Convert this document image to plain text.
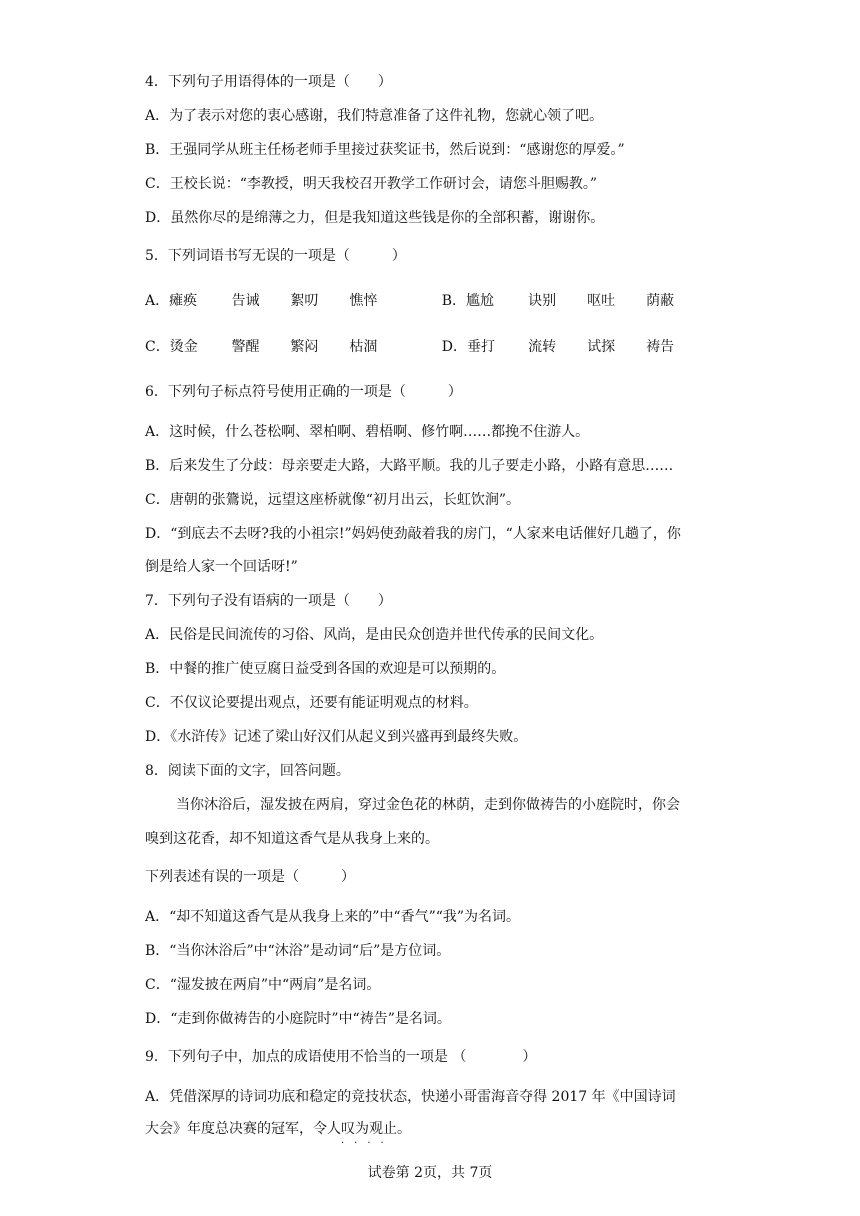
4．下列句子用语得体的一项是（　　）
A．为了表示对您的衷心感谢，我们特意准备了这件礼物，您就心领了吧。
B．王强同学从班主任杨老师手里接过获奖证书，然后说到：“感谢您的厚爱。”
C．王校长说：“李教授，明天我校召开教学工作研讨会，请您斗胆赐教。”
D．虽然你尽的是绵薄之力，但是我知道这些钱是你的全部积蓄，谢谢你。
5．下列词语书写无误的一项是（　　　）
A．瘫痪	告诫	絮叨	憔悴	B．尴尬	诀别	呕吐	荫蔽
C．烫金	警醒	繁闷	枯涸	D．垂打	流转	试探	祷告
6．下列句子标点符号使用正确的一项是（　　　）
A．这时候，什么苍松啊、翠柏啊、碧梧啊、修竹啊……都挽不住游人。
B．后来发生了分歧：母亲要走大路，大路平顺。我的儿子要走小路，小路有意思……
C．唐朝的张鷟说，远望这座桥就像“初月出云，长虹饮涧”。
D．“到底去不去呀?我的小祖宗!”妈妈使劲敲着我的房门，“人家来电话催好几趟了，你
倒是给人家一个回话呀!”
7．下列句子没有语病的一项是（　　）
A．民俗是民间流传的习俗、风尚，是由民众创造并世代传承的民间文化。
B．中餐的推广使豆腐日益受到各国的欢迎是可以预期的。
C．不仅议论要提出观点，还要有能证明观点的材料。
D．《水浒传》记述了梁山好汉们从起义到兴盛再到最终失败。
8．阅读下面的文字，回答问题。
当你沐浴后，湿发披在两肩，穿过金色花的林荫，走到你做祷告的小庭院时，你会
嗅到这花香，却不知道这香气是从我身上来的。
下列表述有误的一项是（　　　）
A．“却不知道这香气是从我身上来的”中“香气”“我”为名词。
B．“当你沐浴后”中“沐浴”是动词“后”是方位词。
C．“湿发披在两肩”中“两肩”是名词。
D．“走到你做祷告的小庭院时”中“祷告”是名词。
9．下列句子中，加点的成语使用不恰当的一项是 （　　　　）
A．凭借深厚的诗词功底和稳定的竞技状态，快递小哥雷海音夺得 2017 年《中国诗词
大会》年度总决赛的冠军，令人叹为观止
····
。
试卷第 2页，共 7页
